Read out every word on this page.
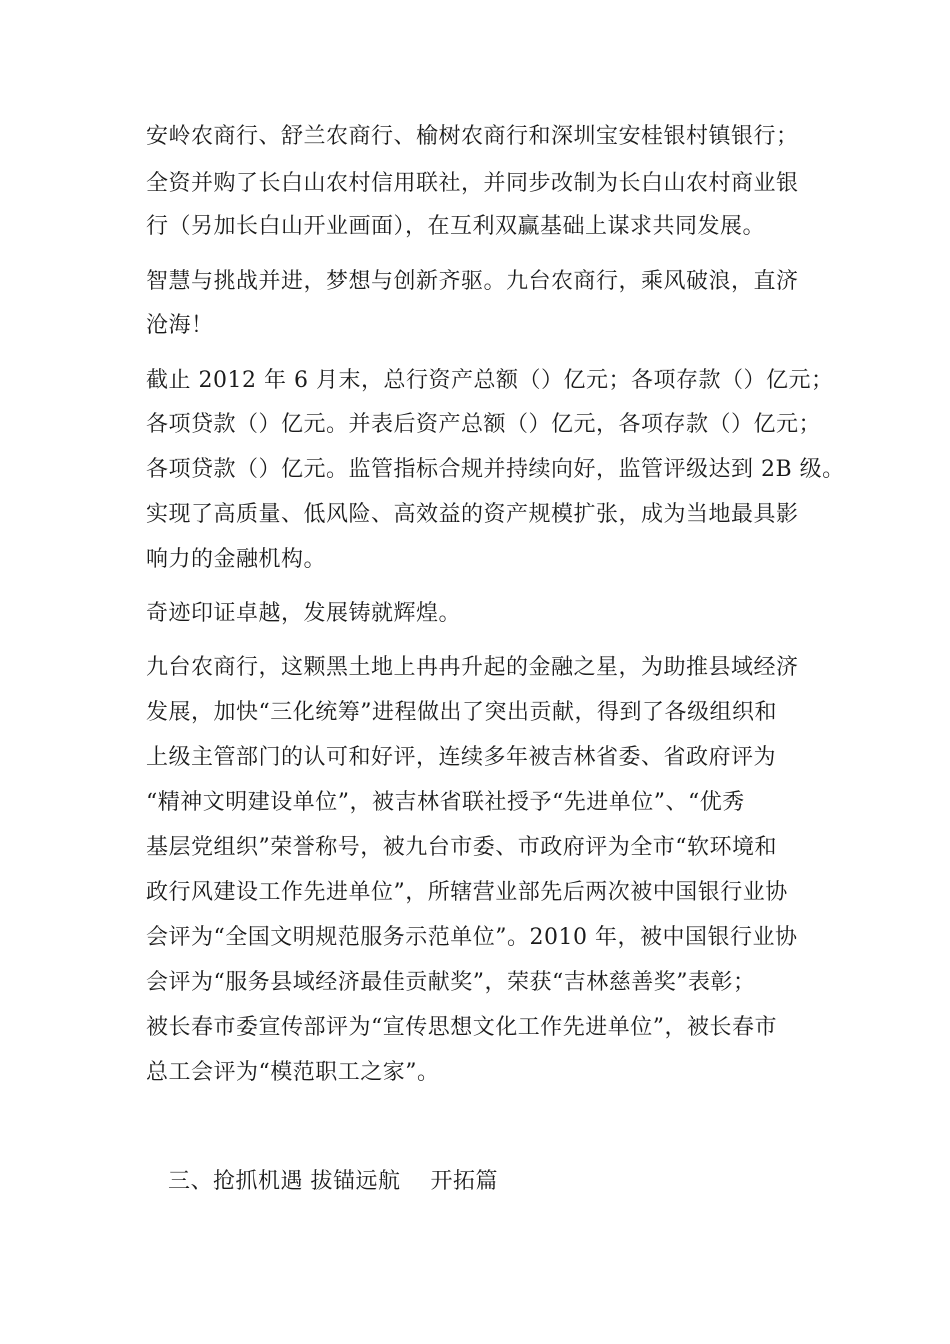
安岭农商行、舒兰农商行、榆树农商行和深圳宝安桂银村镇银行；
全资并购了长白山农村信用联社，并同步改制为长白山农村商业银
行（另加长白山开业画面），在互利双赢基础上谋求共同发展。
智慧与挑战并进，梦想与创新齐驱。九台农商行，乘风破浪，直济
沧海！
截止 2012 年 6 月末，总行资产总额（）亿元；各项存款（）亿元；
各项贷款（）亿元。并表后资产总额（）亿元，各项存款（）亿元；
各项贷款（）亿元。监管指标合规并持续向好，监管评级达到 2B 级。
实现了高质量、低风险、高效益的资产规模扩张，成为当地最具影
响力的金融机构。
奇迹印证卓越，发展铸就辉煌。
九台农商行，这颗黑土地上冉冉升起的金融之星，为助推县域经济
发展，加快“三化统筹”进程做出了突出贡献，得到了各级组织和
上级主管部门的认可和好评，连续多年被吉林省委、省政府评为
“精神文明建设单位”，被吉林省联社授予“先进单位”、“优秀
基层党组织”荣誉称号，被九台市委、市政府评为全市“软环境和
政行风建设工作先进单位”，所辖营业部先后两次被中国银行业协
会评为“全国文明规范服务示范单位”。2010 年，被中国银行业协
会评为“服务县域经济最佳贡献奖”，荣获“吉林慈善奖”表彰；
被长春市委宣传部评为“宣传思想文化工作先进单位”，被长春市
总工会评为“模范职工之家”。
三、抢抓机遇 拔锚远航    开拓篇
